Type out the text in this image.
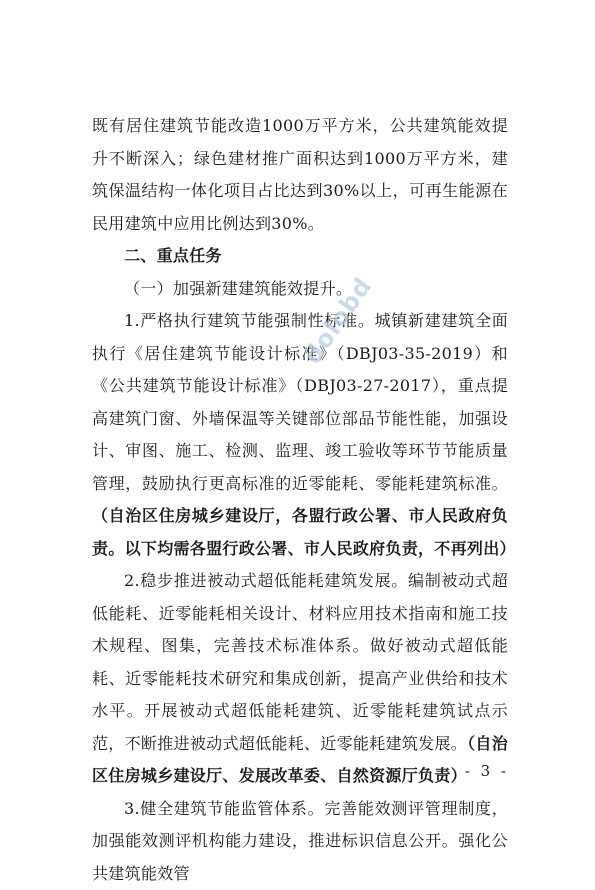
既有居住建筑节能改造1000万平方米，公共建筑能效提升不断深入；绿色建材推广面积达到1000万平方米，建筑保温结构一体化项目占比达到30%以上，可再生能源在民用建筑中应用比例达到30%。

二、重点任务

（一）加强新建建筑能效提升。

1.严格执行建筑节能强制性标准。城镇新建建筑全面执行《居住建筑节能设计标准》（DBJ03-35-2019）和《公共建筑节能设计标准》（DBJ03-27-2017），重点提高建筑门窗、外墙保温等关键部位部品节能性能，加强设计、审图、施工、检测、监理、竣工验收等环节节能质量管理，鼓励执行更高标准的近零能耗、零能耗建筑标准。（自治区住房城乡建设厅，各盟行政公署、市人民政府负责。以下均需各盟行政公署、市人民政府负责，不再列出）

2.稳步推进被动式超低能耗建筑发展。编制被动式超低能耗、近零能耗相关设计、材料应用技术指南和施工技术规程、图集，完善技术标准体系。做好被动式超低能耗、近零能耗技术研究和集成创新，提高产业供给和技术水平。开展被动式超低能耗建筑、近零能耗建筑试点示范，不断推进被动式超低能耗、近零能耗建筑发展。（自治区住房城乡建设厅、发展改革委、自然资源厅负责）

3.健全建筑节能监管体系。完善能效测评管理制度，加强能效测评机构能力建设，推进标识信息公开。强化公共建筑能效管

dolobd
- 3 -
